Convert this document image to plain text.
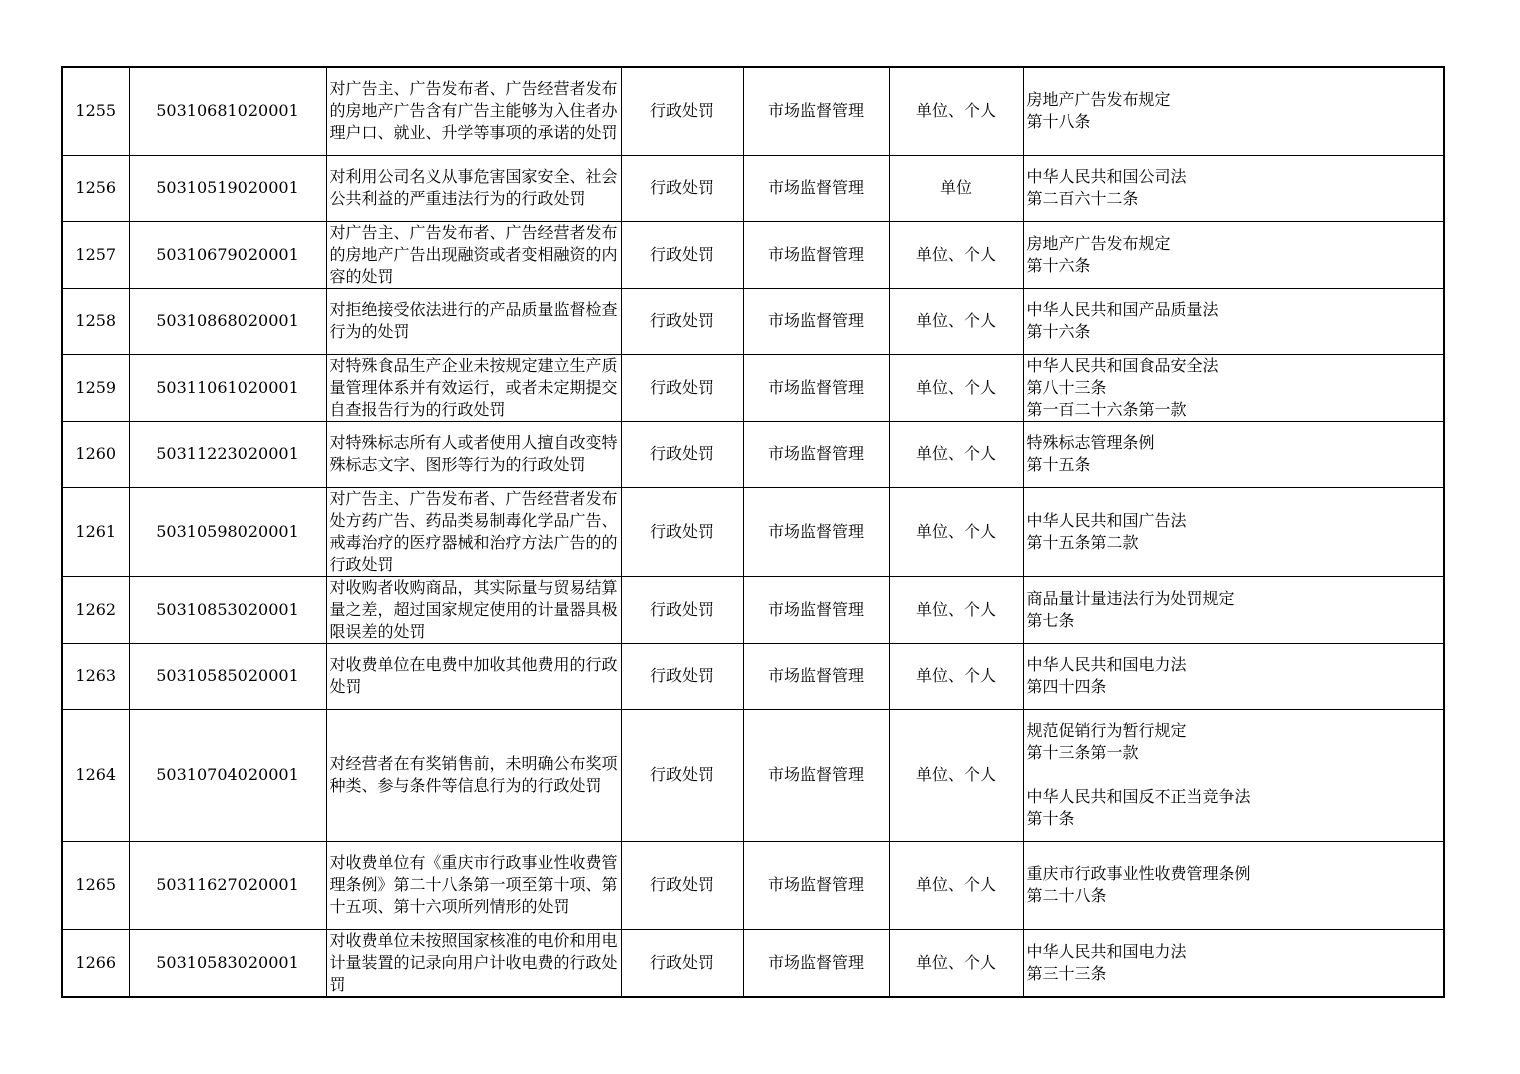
1255	50310681020001	对广告主、广告发布者、广告经营者发布的房地产广告含有广告主能够为入住者办理户口、就业、升学等事项的承诺的处罚	行政处罚	市场监督管理	单位、个人	房地产广告发布规定
第十八条

1256	50310519020001	对利用公司名义从事危害国家安全、社会公共利益的严重违法行为的行政处罚	行政处罚	市场监督管理	单位	中华人民共和国公司法
第二百六十二条

1257	50310679020001	对广告主、广告发布者、广告经营者发布的房地产广告出现融资或者变相融资的内容的处罚	行政处罚	市场监督管理	单位、个人	房地产广告发布规定
第十六条

1258	50310868020001	对拒绝接受依法进行的产品质量监督检查行为的处罚	行政处罚	市场监督管理	单位、个人	中华人民共和国产品质量法
第十六条

1259	50311061020001	对特殊食品生产企业未按规定建立生产质量管理体系并有效运行，或者未定期提交自查报告行为的行政处罚	行政处罚	市场监督管理	单位、个人	中华人民共和国食品安全法
第八十三条
第一百二十六条第一款

1260	50311223020001	对特殊标志所有人或者使用人擅自改变特殊标志文字、图形等行为的行政处罚	行政处罚	市场监督管理	单位、个人	特殊标志管理条例
第十五条

1261	50310598020001	对广告主、广告发布者、广告经营者发布处方药广告、药品类易制毒化学品广告、戒毒治疗的医疗器械和治疗方法广告的的行政处罚	行政处罚	市场监督管理	单位、个人	中华人民共和国广告法
第十五条第二款

1262	50310853020001	对收购者收购商品，其实际量与贸易结算量之差，超过国家规定使用的计量器具极限误差的处罚	行政处罚	市场监督管理	单位、个人	商品量计量违法行为处罚规定
第七条

1263	50310585020001	对收费单位在电费中加收其他费用的行政处罚	行政处罚	市场监督管理	单位、个人	中华人民共和国电力法
第四十四条

1264	50310704020001	对经营者在有奖销售前，未明确公布奖项种类、参与条件等信息行为的行政处罚	行政处罚	市场监督管理	单位、个人	规范促销行为暂行规定
第十三条第一款
中华人民共和国反不正当竞争法
第十条

1265	50311627020001	对收费单位有《重庆市行政事业性收费管理条例》第二十八条第一项至第十项、第十五项、第十六项所列情形的处罚	行政处罚	市场监督管理	单位、个人	重庆市行政事业性收费管理条例
第二十八条

1266	50310583020001	对收费单位未按照国家核准的电价和用电计量装置的记录向用户计收电费的行政处罚	行政处罚	市场监督管理	单位、个人	中华人民共和国电力法
第三十三条
